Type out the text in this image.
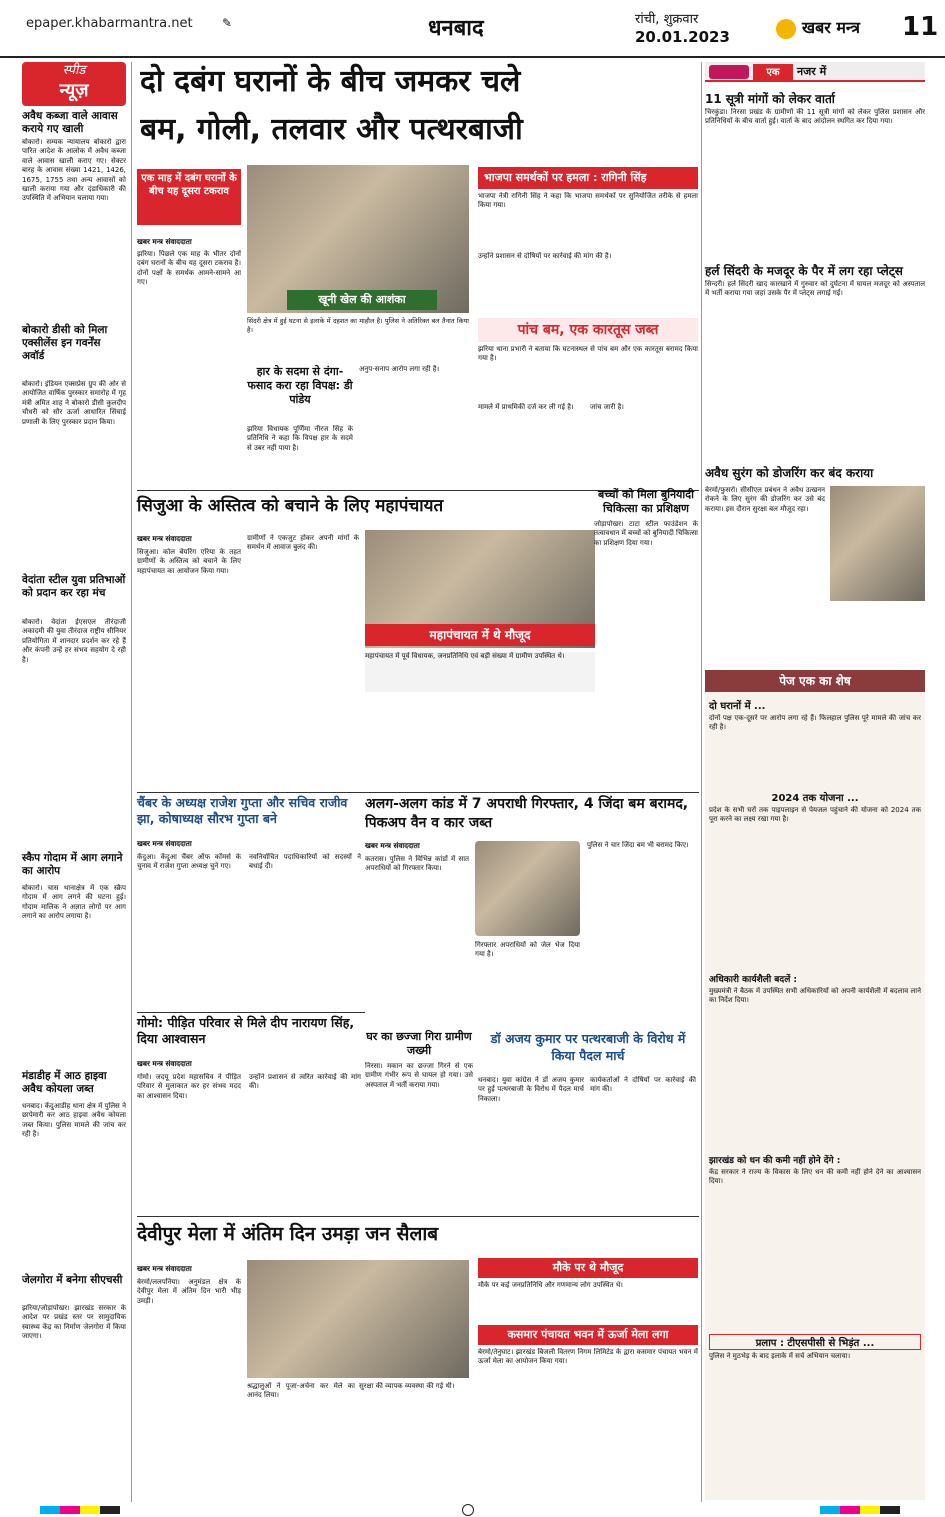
epaper.khabarmantra.net ✎	धनबाद	रांची, शुक्रवार
20.01.2023	खबर मन्त्र 11
स्पीड
न्यूज़
अवैध कब्जा वाले आवास कराये गए खाली
बोकारो। सम्यक न्यायालय बोकारो द्वारा पारित आदेश के आलोक में अवैध कब्जा वाले आवास खाली कराए गए। सेक्टर बारह के आवास संख्या 1421, 1426, 1675, 1755 तथा अन्य आवासों को खाली कराया गया और दंडाधिकारी की उपस्थिति में अभियान चलाया गया।
बोकारो डीसी को मिला एक्सीलेंस इन गवर्नेंस अवॉर्ड
बोकारो। इंडियन एक्सप्रेस ग्रुप की ओर से आयोजित वार्षिक पुरस्कार समारोह में गृह मंत्री अमित शाह ने बोकारो डीसी कुलदीप चौधरी को सौर ऊर्जा आधारित सिंचाई प्रणाली के लिए पुरस्कार प्रदान किया।
वेदांता स्टील युवा प्रतिभाओं को प्रदान कर रहा मंच
बोकारो। वेदांता ईएसएल तीरंदाजी अकादमी की युवा तीरंदाज राष्ट्रीय सीनियर प्रतियोगिता में शानदार प्रदर्शन कर रहे हैं और कंपनी उन्हें हर संभव सहयोग दे रही है।
स्कैप गोदाम में आग लगाने का आरोप
बोकारो। चास थानाक्षेत्र में एक स्क्रैप गोदाम में आग लगने की घटना हुई। गोदाम मालिक ने अज्ञात लोगों पर आग लगाने का आरोप लगाया है।
मंडाडीह में आठ हाइवा अवैध कोयला जब्त
धनबाद। केंदुआडीह थाना क्षेत्र में पुलिस ने छापेमारी कर आठ हाइवा अवैध कोयला जब्त किया। पुलिस मामले की जांच कर रही है।
जेलगोरा में बनेगा सीएचसी
झरिया/जोड़ापोखर। झारखंड सरकार के आदेश पर प्रखंड स्तर पर सामुदायिक स्वास्थ्य केंद्र का निर्माण जेलगोरा में किया जाएगा।
दो दबंग घरानों के बीच जमकर चले
बम, गोली, तलवार और पत्थरबाजी
एक	नजर में
11 सूत्री मांगों को लेकर वार्ता
चिरकुंडा। निरसा प्रखंड के ग्रामीणों की 11 सूत्री मांगों को लेकर पुलिस प्रशासन और प्रतिनिधियों के बीच वार्ता हुई। वार्ता के बाद आंदोलन स्थगित कर दिया गया।
हर्ल सिंदरी के मजदूर के पैर में लग रहा प्लेट्स
सिन्दरी। हर्ल सिंदरी खाद कारखाने में गुरुवार को दुर्घटना में घायल मजदूर को अस्पताल में भर्ती कराया गया जहां उसके पैर में प्लेट्स लगाई गईं।
अवैध सुरंग को डोजरिंग कर बंद कराया
बेरमो/फुसरो। सीसीएल प्रबंधन ने अवैध उत्खनन रोकने के लिए सुरंग की डोजरिंग कर उसे बंद कराया। इस दौरान सुरक्षा बल मौजूद रहा।
पेज एक का शेष
दो घरानों में ...
दोनों पक्ष एक-दूसरे पर आरोप लगा रहे हैं। फिलहाल पुलिस पूरे मामले की जांच कर रही है।
2024 तक योजना ...
प्रदेश के सभी घरों तक पाइपलाइन से पेयजल पहुंचाने की योजना को 2024 तक पूरा करने का लक्ष्य रखा गया है।
अधिकारी कार्यशैली बदलें :
मुख्यमंत्री ने बैठक में उपस्थित सभी अधिकारियों को अपनी कार्यशैली में बदलाव लाने का निर्देश दिया।
झारखंड को धन की कमी नहीं होने देंगे :
केंद्र सरकार ने राज्य के विकास के लिए धन की कमी नहीं होने देने का आश्वासन दिया।
प्रलाप : टीएसपीसी से भिड़ंत ...
पुलिस ने मुठभेड़ के बाद इलाके में सर्च अभियान चलाया।
एक माह में दबंग घरानों के बीच यह दूसरा टकराव
खूनी खेल की आशंका
खबर मन्त्र संवाददाता
झरिया। पिछले एक माह के भीतर दोनों दबंग घरानों के बीच यह दूसरा टकराव है। दोनों पक्षों के समर्थक आमने-सामने आ गए।
सिंदरी क्षेत्र में हुई घटना से इलाके में दहशत का माहौल है। पुलिस ने अतिरिक्त बल तैनात किया है।
हार के सदमा से दंगा-फसाद करा रहा विपक्ष: डी पांडेय
झरिया विधायक पूर्णिमा नीरज सिंह के प्रतिनिधि ने कहा कि विपक्ष हार के सदमे से उबर नहीं पाया है।
अनुप-सनाप आरोप लगा रही है।
भाजपा समर्थकों पर हमला : रागिनी सिंह
भाजपा नेत्री रागिनी सिंह ने कहा कि भाजपा समर्थकों पर सुनियोजित तरीके से हमला किया गया।
उन्होंने प्रशासन से दोषियों पर कार्रवाई की मांग की है।
पांच बम, एक कारतूस जब्त
झरिया थाना प्रभारी ने बताया कि घटनास्थल से पांच बम और एक कारतूस बरामद किया गया है।
मामले में प्राथमिकी दर्ज कर ली गई है।	जांच जारी है।
सिजुआ के अस्तित्व को बचाने के लिए महापंचायत
खबर मन्त्र संवाददाता
सिजुआ। कोल बेयरिंग एरिया के तहत ग्रामीणों के अस्तित्व को बचाने के लिए महापंचायत का आयोजन किया गया।
ग्रामीणों ने एकजुट होकर अपनी मांगों के समर्थन में आवाज बुलंद की।
महापंचायत में थे मौजूद
महापंचायत में पूर्व विधायक, जनप्रतिनिधि एवं बड़ी संख्या में ग्रामीण उपस्थित थे।
बच्चों को मिला बुनियादी चिकित्सा का प्रशिक्षण
जोड़ापोखर। टाटा स्टील फाउंडेशन के तत्वावधान में बच्चों को बुनियादी चिकित्सा का प्रशिक्षण दिया गया।
चैंबर के अध्यक्ष राजेश गुप्ता और सचिव राजीव झा, कोषाध्यक्ष सौरभ गुप्ता बने
खबर मन्त्र संवाददाता
केंदुआ। केंदुआ चैंबर ऑफ कॉमर्स के चुनाव में राजेश गुप्ता अध्यक्ष चुने गए।
नवनिर्वाचित पदाधिकारियों को सदस्यों ने बधाई दी।
अलग-अलग कांड में 7 अपराधी गिरफ्तार, 4 जिंदा बम बरामद, पिकअप वैन व कार जब्त
खबर मन्त्र संवाददाता
कतरास। पुलिस ने विभिन्न कांडों में सात अपराधियों को गिरफ्तार किया।
गिरफ्तार अपराधियों को जेल भेज दिया गया है।
पुलिस ने चार जिंदा बम भी बरामद किए।
गोमो: पीड़ित परिवार से मिले दीप नारायण सिंह, दिया आश्वासन
खबर मन्त्र संवाददाता
गोमो। जदयू प्रदेश महासचिव ने पीड़ित परिवार से मुलाकात कर हर संभव मदद का आश्वासन दिया।
उन्होंने प्रशासन से त्वरित कार्रवाई की मांग की।
घर का छज्जा गिरा ग्रामीण जख्मी
निरसा। मकान का छज्जा गिरने से एक ग्रामीण गंभीर रूप से घायल हो गया। उसे अस्पताल में भर्ती कराया गया।
डॉ अजय कुमार पर पत्थरबाजी के विरोध में किया पैदल मार्च
धनबाद। युवा कांग्रेस ने डॉ अजय कुमार पर हुई पत्थरबाजी के विरोध में पैदल मार्च निकाला।
कार्यकर्ताओं ने दोषियों पर कार्रवाई की मांग की।
देवीपुर मेला में अंतिम दिन उमड़ा जन सैलाब
खबर मन्त्र संवाददाता
बेरमो/ललपनिया। अनुमंडल क्षेत्र के देवीपुर मेला में अंतिम दिन भारी भीड़ उमड़ी।
श्रद्धालुओं ने पूजा-अर्चना कर मेले का आनंद लिया।
सुरक्षा की व्यापक व्यवस्था की गई थी।
मौके पर थे मौजूद
मौके पर कई जनप्रतिनिधि और गणमान्य लोग उपस्थित थे।
कसमार पंचायत भवन में ऊर्जा मेला लगा
बेरमो/तेनुघाट। झारखंड बिजली वितरण निगम लिमिटेड के द्वारा कसमार पंचायत भवन में ऊर्जा मेला का आयोजन किया गया।
